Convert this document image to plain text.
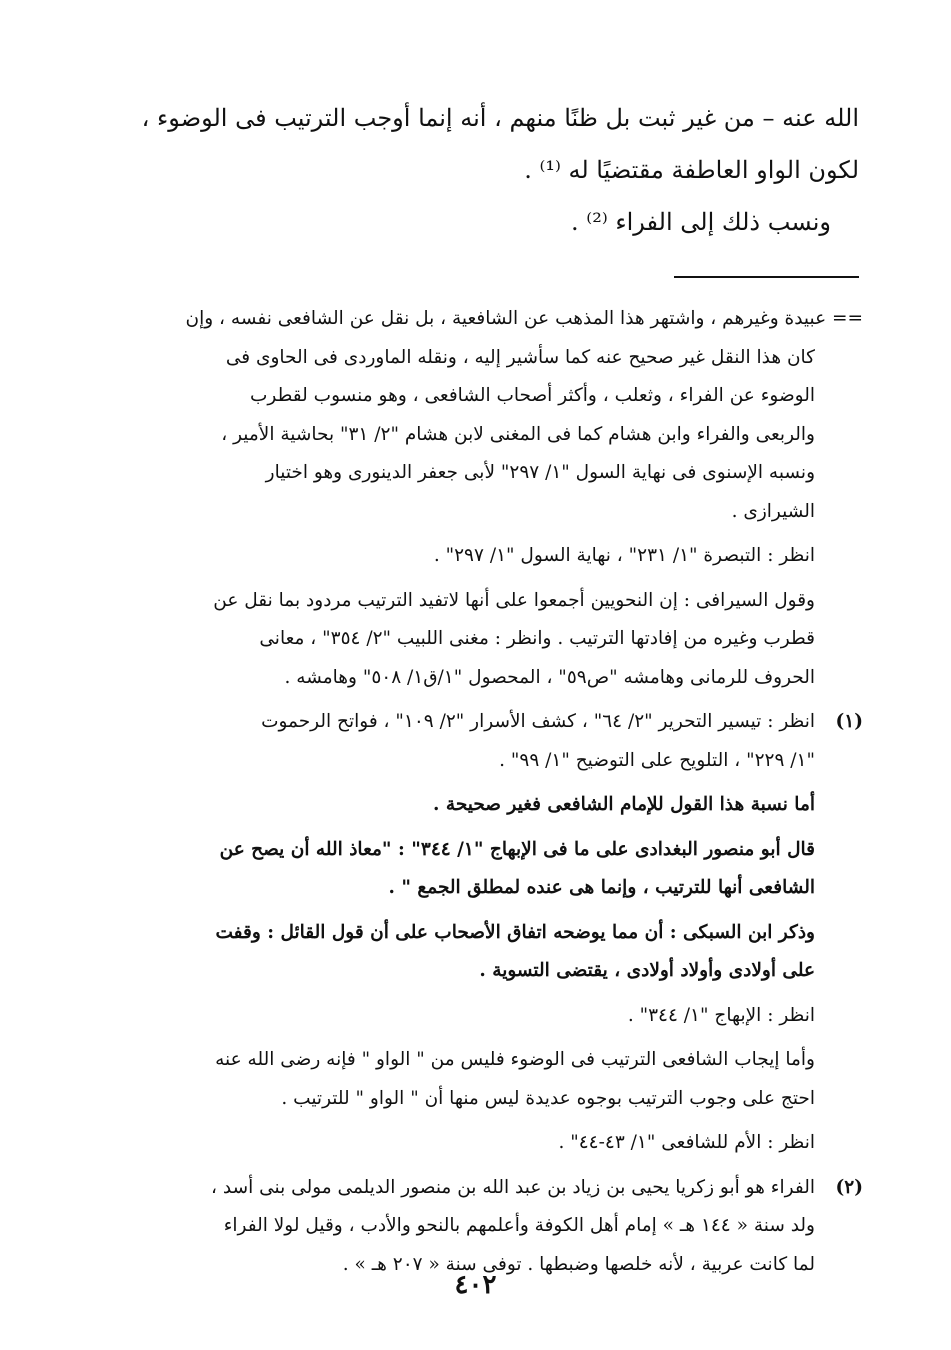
الله عنه – من غير ثبت بل ظنًا منهم ، أنه إنما أوجب الترتيب فى الوضوء ،

لكون الواو العاطفة مقتضيًا له ⁽¹⁾ .

ونسب ذلك إلى الفراء ⁽²⁾ .

== عبيدة وغيرهم ، واشتهر هذا المذهب عن الشافعية ، بل نقل عن الشافعى نفسه ، وإن
كان هذا النقل غير صحيح عنه كما سأشير إليه ، ونقله الماوردى فى الحاوى فى
الوضوء عن الفراء ، وثعلب ، وأكثر أصحاب الشافعى ، وهو منسوب لقطرب
والربعى والفراء وابن هشام كما فى المغنى لابن هشام "٢/ ٣١" بحاشية الأمير ،
ونسبه الإسنوى فى نهاية السول "١/ ٢٩٧" لأبى جعفر الدينورى وهو اختيار
الشيرازى .
انظر : التبصرة "١/ ٢٣١" ، نهاية السول "١/ ٢٩٧" .
وقول السيرافى : إن النحويين أجمعوا على أنها لاتفيد الترتيب مردود بما نقل عن
قطرب وغيره من إفادتها الترتيب . وانظر : مغنى اللبيب "٢/ ٣٥٤" ، معانى
الحروف للرمانى وهامشه "ص٥٩" ، المحصول "١/ق١/ ٥٠٨" وهامشه .
(١)
انظر : تيسير التحرير "٢/ ٦٤" ، كشف الأسرار "٢/ ١٠٩" ، فواتح الرحموت
"١/ ٢٢٩" ، التلويح على التوضيح "١/ ٩٩" .
أما نسبة هذا القول للإمام الشافعى فغير صحيحة .
قال أبو منصور البغدادى على ما فى الإبهاج "١/ ٣٤٤" : "معاذ الله أن يصح عن
الشافعى أنها للترتيب ، وإنما هى عنده لمطلق الجمع " .
وذكر ابن السبكى : أن مما يوضحه اتفاق الأصحاب على أن قول القائل : وقفت
على أولادى وأولاد أولادى ، يقتضى التسوية .
انظر : الإبهاج "١/ ٣٤٤" .
وأما إيجاب الشافعى الترتيب فى الوضوء فليس من " الواو " فإنه رضى الله عنه
احتج على وجوب الترتيب بوجوه عديدة ليس منها أن " الواو " للترتيب .
انظر : الأم للشافعى "١/ ٤٣-٤٤" .
(٢)
الفراء هو أبو زكريا يحيى بن زياد بن عبد الله بن منصور الديلمى مولى بنى أسد ،
ولد سنة « ١٤٤ هـ » إمام أهل الكوفة وأعلمهم بالنحو والأدب ، وقيل لولا الفراء
لما كانت عربية ، لأنه خلصها وضبطها . توفى سنة « ٢٠٧ هـ » .
٤٠٢
